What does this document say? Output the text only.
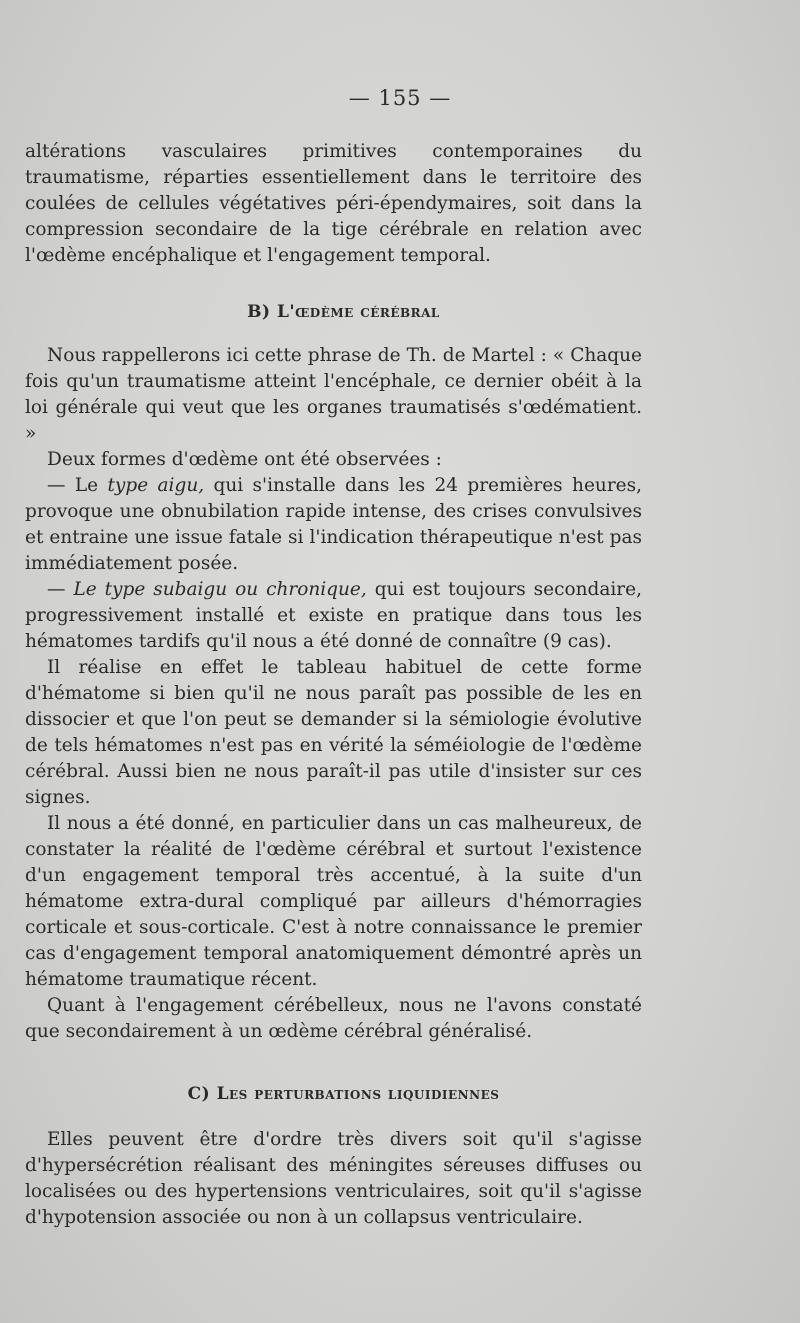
— 155 —

altérations vasculaires primitives contemporaines du traumatisme, réparties essentiellement dans le territoire des coulées de cellules végétatives péri-épendymaires, soit dans la compression secondaire de la tige cérébrale en relation avec l'œdème encéphalique et l'engagement temporal.

B) L'œdème cérébral

Nous rappellerons ici cette phrase de Th. de Martel : « Chaque fois qu'un traumatisme atteint l'encéphale, ce dernier obéit à la loi générale qui veut que les organes traumatisés s'œdématient. »

Deux formes d'œdème ont été observées :

— Le type aigu, qui s'installe dans les 24 premières heures, provoque une obnubilation rapide intense, des crises convulsives et entraine une issue fatale si l'indication thérapeutique n'est pas immédiatement posée.

— Le type subaigu ou chronique, qui est toujours secondaire, progressivement installé et existe en pratique dans tous les hématomes tardifs qu'il nous a été donné de connaître (9 cas).

Il réalise en effet le tableau habituel de cette forme d'hématome si bien qu'il ne nous paraît pas possible de les en dissocier et que l'on peut se demander si la sémiologie évolutive de tels hématomes n'est pas en vérité la séméiologie de l'œdème cérébral. Aussi bien ne nous paraît-il pas utile d'insister sur ces signes.

Il nous a été donné, en particulier dans un cas malheureux, de constater la réalité de l'œdème cérébral et surtout l'existence d'un engagement temporal très accentué, à la suite d'un hématome extra-dural compliqué par ailleurs d'hémorragies corticale et sous-corticale. C'est à notre connaissance le premier cas d'engagement temporal anatomiquement démontré après un hématome traumatique récent.

Quant à l'engagement cérébelleux, nous ne l'avons constaté que secondairement à un œdème cérébral généralisé.

C) Les perturbations liquidiennes

Elles peuvent être d'ordre très divers soit qu'il s'agisse d'hypersécrétion réalisant des méningites séreuses diffuses ou localisées ou des hypertensions ventriculaires, soit qu'il s'agisse d'hypotension associée ou non à un collapsus ventriculaire.
